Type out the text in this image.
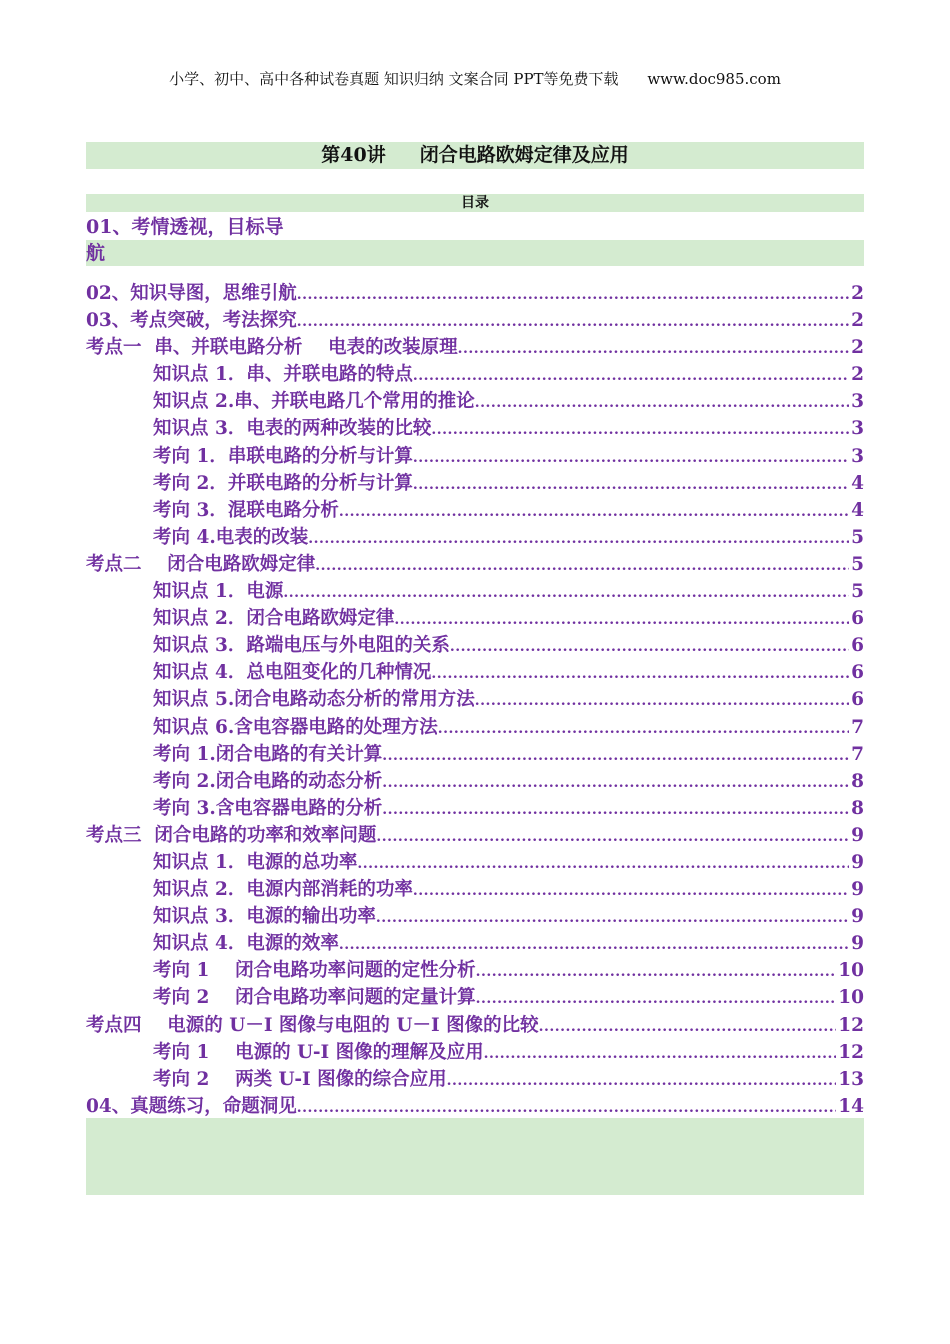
小学、初中、高中各种试卷真题 知识归纳 文案合同 PPT等免费下载 www.doc985.com
第40讲 闭合电路欧姆定律及应用
目录
01、考情透视，目标导
航
02、知识导图，思维引航 .....	2
03、考点突破，考法探究 .....	2
考点一  串、并联电路分析    电表的改装原理 .....	2
知识点 1．串、并联电路的特点 .....	2
知识点 2.串、并联电路几个常用的推论 .....	3
知识点 3．电表的两种改装的比较 .....	3
考向 1．串联电路的分析与计算 .....	3
考向 2．并联电路的分析与计算 .....	4
考向 3．混联电路分析 .....	4
考向 4.电表的改装 .....	5
考点二    闭合电路欧姆定律 .....	5
知识点 1．电源 .....	5
知识点 2．闭合电路欧姆定律 .....	6
知识点 3．路端电压与外电阻的关系 .....	6
知识点 4．总电阻变化的几种情况 .....	6
知识点 5.闭合电路动态分析的常用方法 .....	6
知识点 6.含电容器电路的处理方法 .....	7
考向 1.闭合电路的有关计算 .....	7
考向 2.闭合电路的动态分析 .....	8
考向 3.含电容器电路的分析 .....	8
考点三  闭合电路的功率和效率问题 .....	9
知识点 1．电源的总功率 .....	9
知识点 2．电源内部消耗的功率 .....	9
知识点 3．电源的输出功率 .....	9
知识点 4．电源的效率 .....	9
考向 1    闭合电路功率问题的定性分析 .....	10
考向 2    闭合电路功率问题的定量计算 .....	10
考点四    电源的 U－I 图像与电阻的 U－I 图像的比较 .....	12
考向 1    电源的 U-I 图像的理解及应用 .....	12
考向 2    两类 U-I 图像的综合应用 .....	13
04、真题练习，命题洞见 .....	14
